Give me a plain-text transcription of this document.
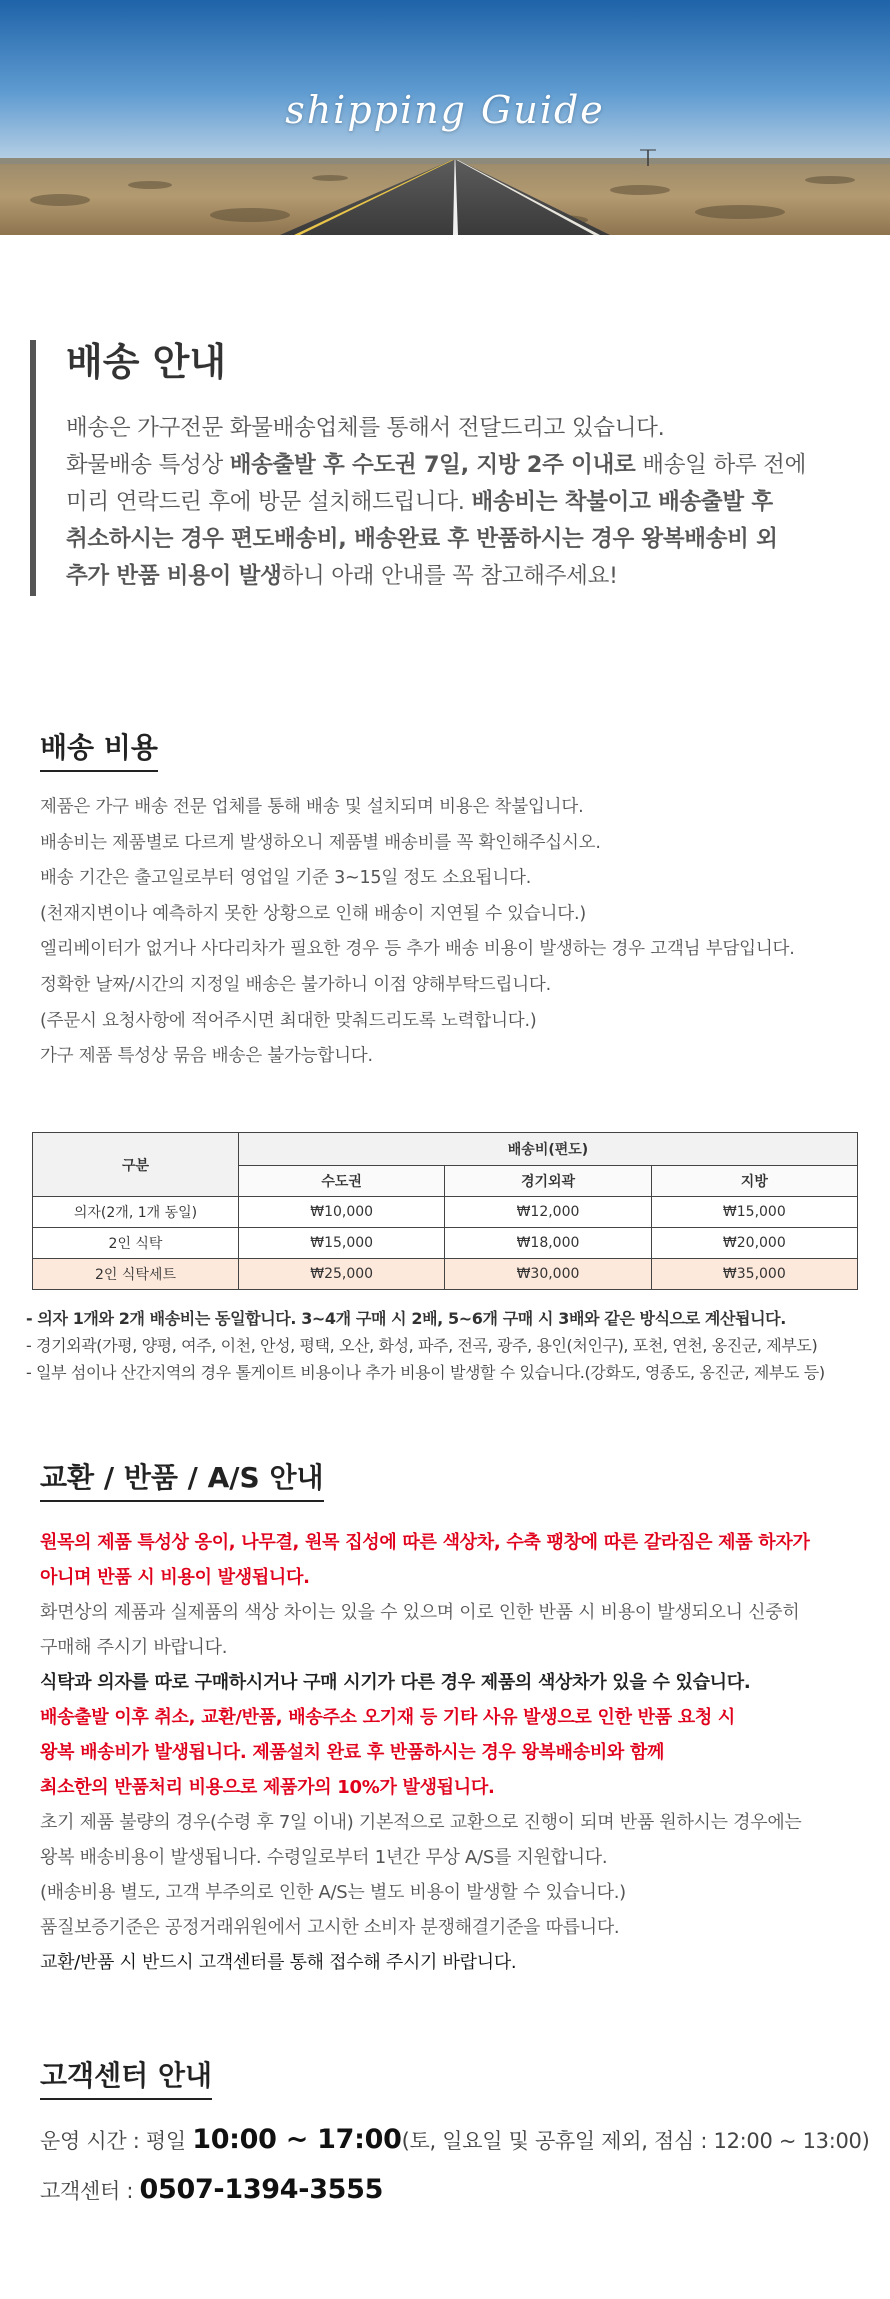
shipping Guide
배송 안내
배송은 가구전문 화물배송업체를 통해서 전달드리고 있습니다.
화물배송 특성상 배송출발 후 수도권 7일, 지방 2주 이내로 배송일 하루 전에
미리 연락드린 후에 방문 설치해드립니다. 배송비는 착불이고 배송출발 후
취소하시는 경우 편도배송비, 배송완료 후 반품하시는 경우 왕복배송비 외
추가 반품 비용이 발생하니 아래 안내를 꼭 참고해주세요!
배송 비용

제품은 가구 배송 전문 업체를 통해 배송 및 설치되며 비용은 착불입니다.

배송비는 제품별로 다르게 발생하오니 제품별 배송비를 꼭 확인해주십시오.

배송 기간은 출고일로부터 영업일 기준 3~15일 정도 소요됩니다.

(천재지변이나 예측하지 못한 상황으로 인해 배송이 지연될 수 있습니다.)

엘리베이터가 없거나 사다리차가 필요한 경우 등 추가 배송 비용이 발생하는 경우 고객님 부담입니다.

정확한 날짜/시간의 지정일 배송은 불가하니 이점 양해부탁드립니다.

(주문시 요청사항에 적어주시면 최대한 맞춰드리도록 노력합니다.)

가구 제품 특성상 묶음 배송은 불가능합니다.

구분	배송비(편도)		
	수도권	경기외곽	지방
의자(2개, 1개 동일)	₩10,000	₩12,000	₩15,000
2인 식탁	₩15,000	₩18,000	₩20,000
2인 식탁세트	₩25,000	₩30,000	₩35,000

- 의자 1개와 2개 배송비는 동일합니다. 3~4개 구매 시 2배, 5~6개 구매 시 3배와 같은 방식으로 계산됩니다.

- 경기외곽(가평, 양평, 여주, 이천, 안성, 평택, 오산, 화성, 파주, 전곡, 광주, 용인(처인구), 포천, 연천, 옹진군, 제부도)

- 일부 섬이나 산간지역의 경우 톨게이트 비용이나 추가 비용이 발생할 수 있습니다.(강화도, 영종도, 옹진군, 제부도 등)

교환 / 반품 / A/S 안내

원목의 제품 특성상 옹이, 나무결, 원목 집성에 따른 색상차, 수축 팽창에 따른 갈라짐은 제품 하자가

아니며 반품 시 비용이 발생됩니다.

화면상의 제품과 실제품의 색상 차이는 있을 수 있으며 이로 인한 반품 시 비용이 발생되오니 신중히

구매해 주시기 바랍니다.

식탁과 의자를 따로 구매하시거나 구매 시기가 다른 경우 제품의 색상차가 있을 수 있습니다.

배송출발 이후 취소, 교환/반품, 배송주소 오기재 등 기타 사유 발생으로 인한 반품 요청 시

왕복 배송비가 발생됩니다. 제품설치 완료 후 반품하시는 경우 왕복배송비와 함께

최소한의 반품처리 비용으로 제품가의 10%가 발생됩니다.

초기 제품 불량의 경우(수령 후 7일 이내) 기본적으로 교환으로 진행이 되며 반품 원하시는 경우에는

왕복 배송비용이 발생됩니다. 수령일로부터 1년간 무상 A/S를 지원합니다.

(배송비용 별도, 고객 부주의로 인한 A/S는 별도 비용이 발생할 수 있습니다.)

품질보증기준은 공정거래위원에서 고시한 소비자 분쟁해결기준을 따릅니다.

교환/반품 시 반드시 고객센터를 통해 접수해 주시기 바랍니다.

고객센터 안내

운영 시간 : 평일 10:00 ~ 17:00(토, 일요일 및 공휴일 제외, 점심 : 12:00 ~ 13:00)

고객센터 : 0507-1394-3555
